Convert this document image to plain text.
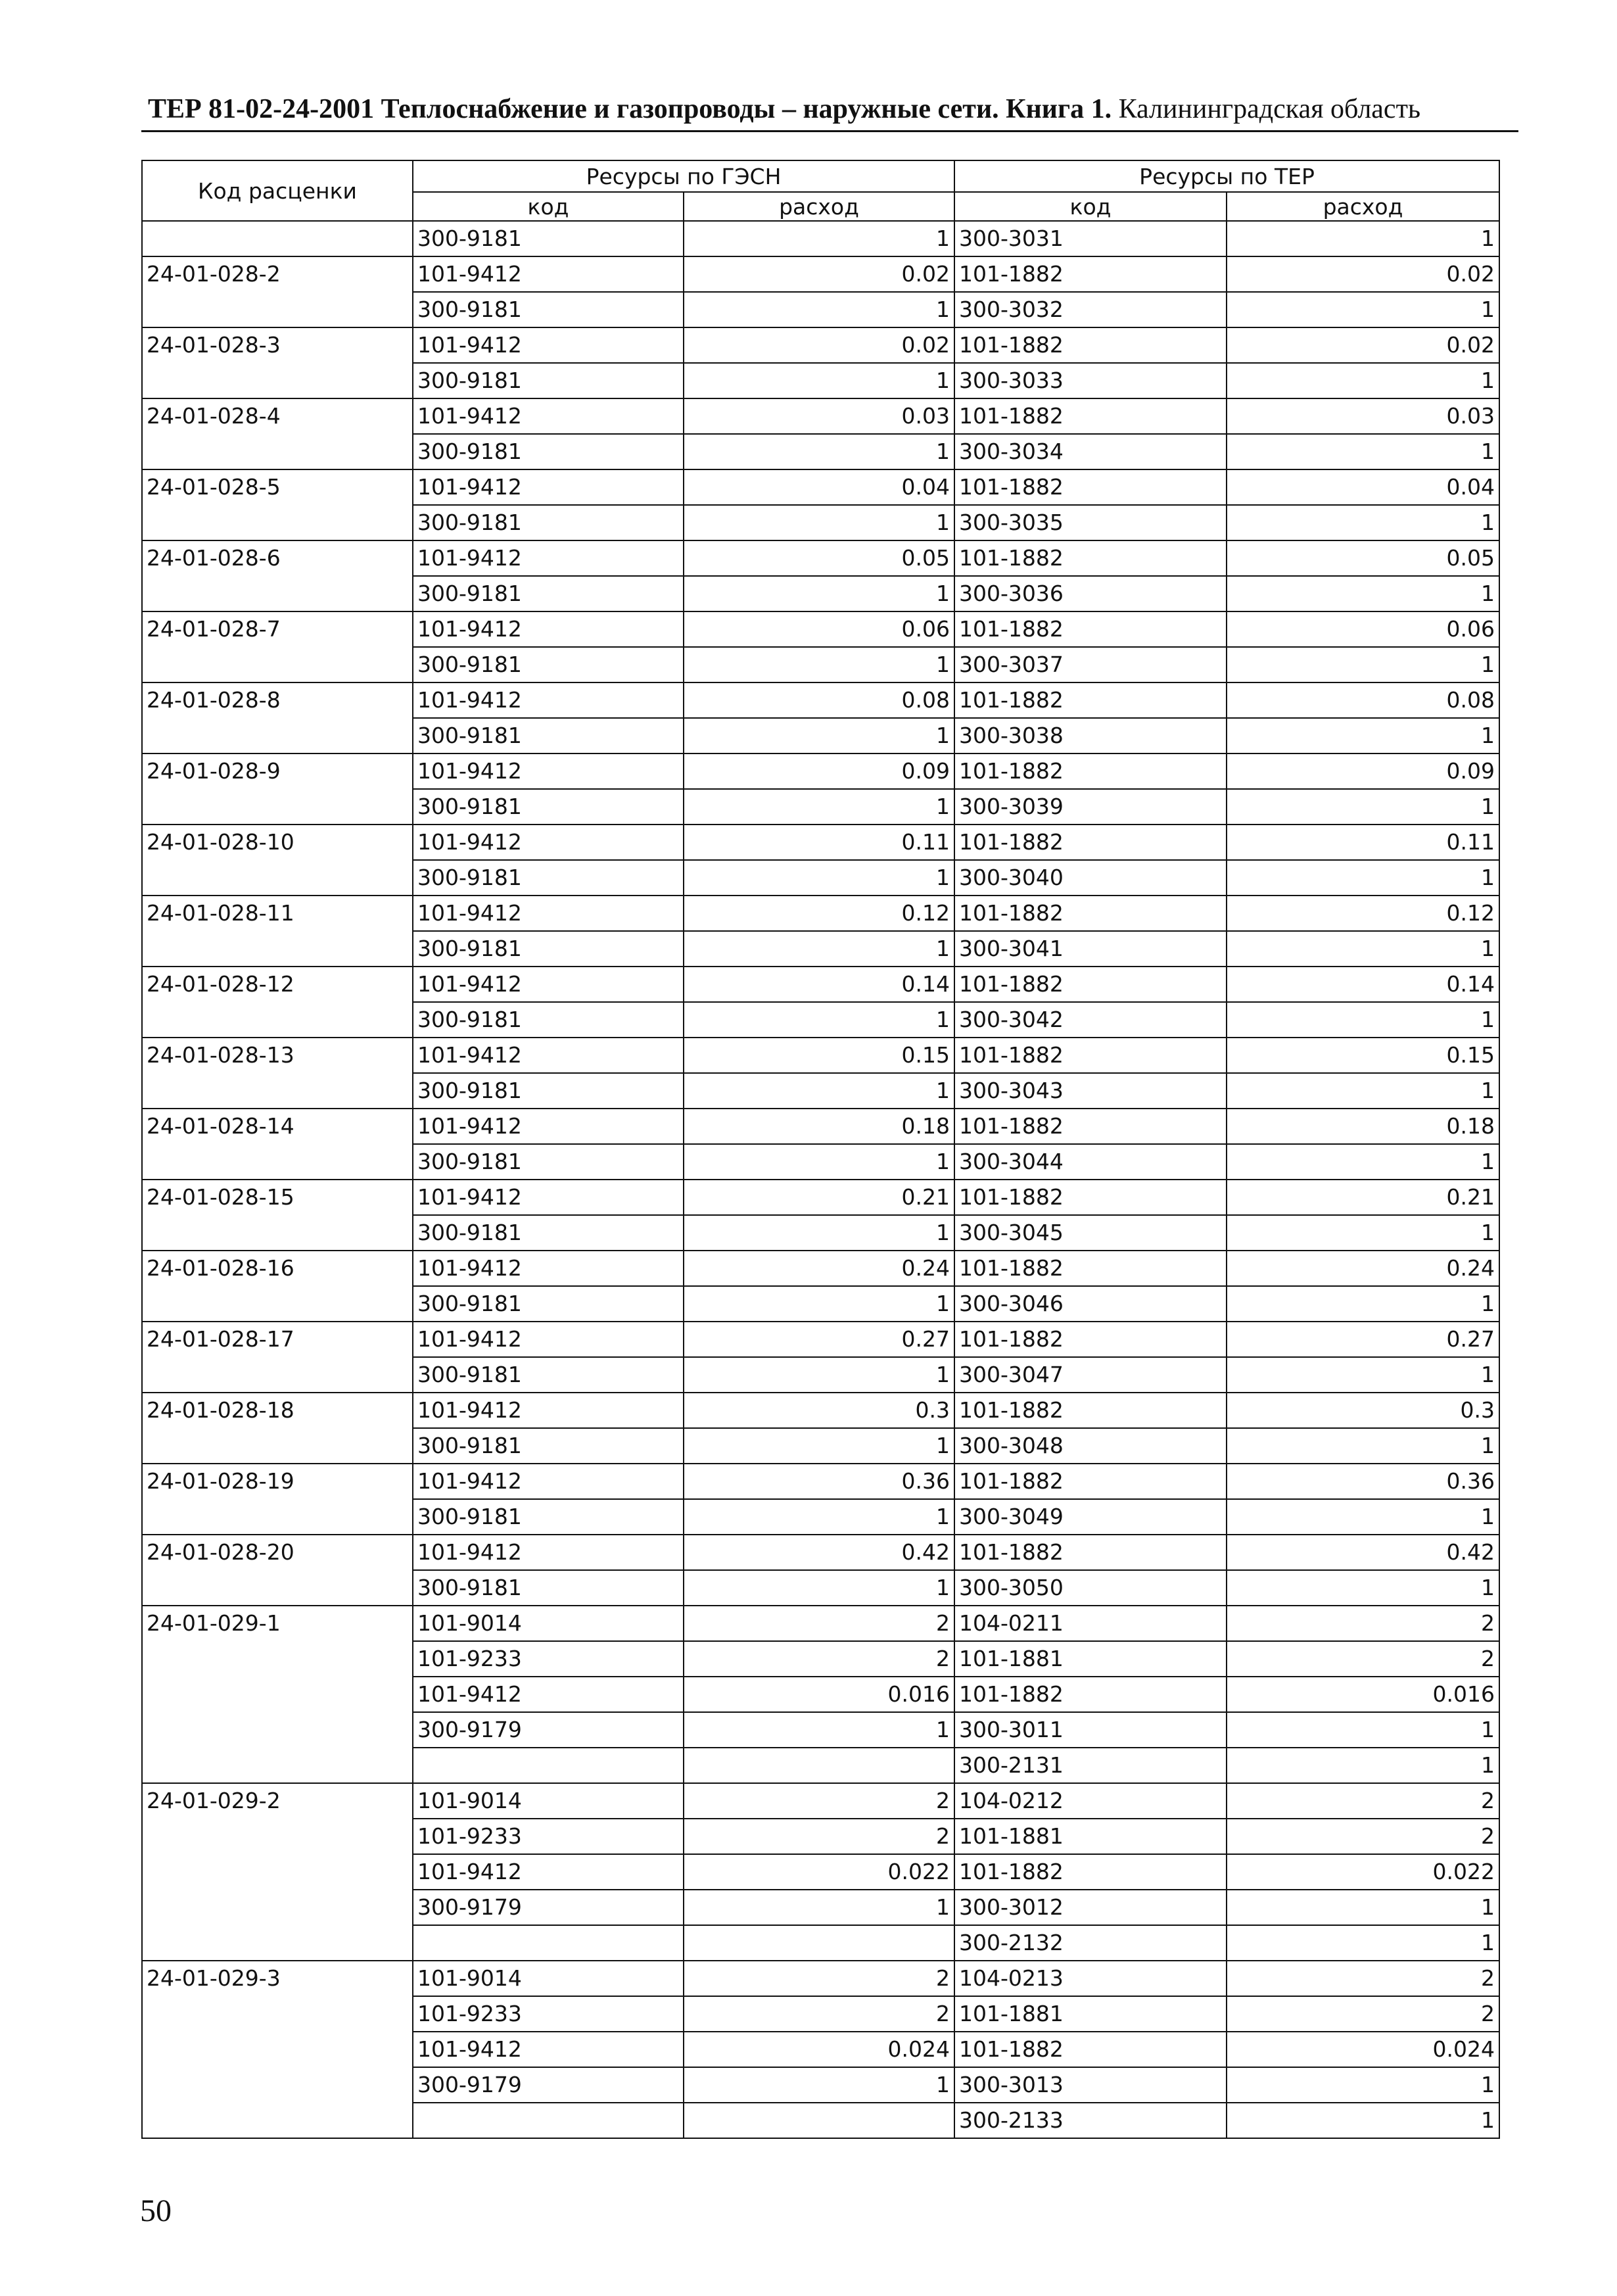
ТЕР 81-02-24-2001 Теплоснабжение и газопроводы – наружные сети. Книга 1. Калининградская область
Код расценки	Ресурсы по ГЭСН		Ресурсы по ТЕР	
	код	расход	код	расход
	300-9181	1	300-3031	1
24-01-028-2	101-9412	0.02	101-1882	0.02
	300-9181	1	300-3032	1
24-01-028-3	101-9412	0.02	101-1882	0.02
	300-9181	1	300-3033	1
24-01-028-4	101-9412	0.03	101-1882	0.03
	300-9181	1	300-3034	1
24-01-028-5	101-9412	0.04	101-1882	0.04
	300-9181	1	300-3035	1
24-01-028-6	101-9412	0.05	101-1882	0.05
	300-9181	1	300-3036	1
24-01-028-7	101-9412	0.06	101-1882	0.06
	300-9181	1	300-3037	1
24-01-028-8	101-9412	0.08	101-1882	0.08
	300-9181	1	300-3038	1
24-01-028-9	101-9412	0.09	101-1882	0.09
	300-9181	1	300-3039	1
24-01-028-10	101-9412	0.11	101-1882	0.11
	300-9181	1	300-3040	1
24-01-028-11	101-9412	0.12	101-1882	0.12
	300-9181	1	300-3041	1
24-01-028-12	101-9412	0.14	101-1882	0.14
	300-9181	1	300-3042	1
24-01-028-13	101-9412	0.15	101-1882	0.15
	300-9181	1	300-3043	1
24-01-028-14	101-9412	0.18	101-1882	0.18
	300-9181	1	300-3044	1
24-01-028-15	101-9412	0.21	101-1882	0.21
	300-9181	1	300-3045	1
24-01-028-16	101-9412	0.24	101-1882	0.24
	300-9181	1	300-3046	1
24-01-028-17	101-9412	0.27	101-1882	0.27
	300-9181	1	300-3047	1
24-01-028-18	101-9412	0.3	101-1882	0.3
	300-9181	1	300-3048	1
24-01-028-19	101-9412	0.36	101-1882	0.36
	300-9181	1	300-3049	1
24-01-028-20	101-9412	0.42	101-1882	0.42
	300-9181	1	300-3050	1
24-01-029-1	101-9014	2	104-0211	2
	101-9233	2	101-1881	2
	101-9412	0.016	101-1882	0.016
	300-9179	1	300-3011	1
			300-2131	1
24-01-029-2	101-9014	2	104-0212	2
	101-9233	2	101-1881	2
	101-9412	0.022	101-1882	0.022
	300-9179	1	300-3012	1
			300-2132	1
24-01-029-3	101-9014	2	104-0213	2
	101-9233	2	101-1881	2
	101-9412	0.024	101-1882	0.024
	300-9179	1	300-3013	1
			300-2133	1
50
